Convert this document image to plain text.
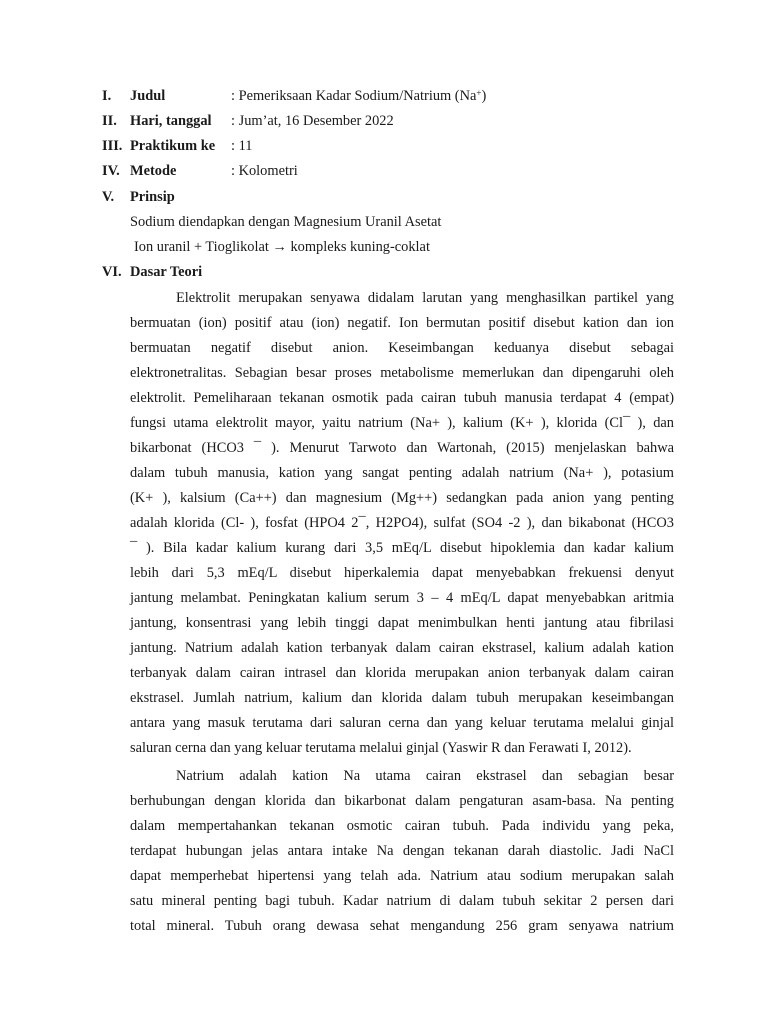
I. Judul	: Pemeriksaan Kadar Sodium/Natrium (Na+)
II. Hari, tanggal : Jum’at, 16 Desember 2022
III. Praktikum ke : 11
IV. Metode	: Kolometri
V. Prinsip
Sodium diendapkan dengan Magnesium Uranil Asetat
Ion uranil + Tioglikolat → kompleks kuning-coklat
VI. Dasar Teori
Elektrolit merupakan senyawa didalam larutan yang menghasilkan partikel yang
bermuatan (ion) positif atau (ion) negatif. Ion bermutan positif disebut kation dan ion
bermuatan negatif disebut anion. Keseimbangan keduanya disebut sebagai
elektronetralitas. Sebagian besar proses metabolisme memerlukan dan dipengaruhi oleh
elektrolit. Pemeliharaan tekanan osmotik pada cairan tubuh manusia terdapat 4 (empat)
fungsi utama elektrolit mayor, yaitu natrium (Na+ ), kalium (K+ ), klorida (Cl¯ ), dan
bikarbonat (HCO3 ¯ ). Menurut Tarwoto dan Wartonah, (2015) menjelaskan bahwa
dalam tubuh manusia, kation yang sangat penting adalah natrium (Na+ ), potasium
(K+ ), kalsium (Ca++) dan magnesium (Mg++) sedangkan pada anion yang penting
adalah klorida (Cl- ), fosfat (HPO4 2¯, H2PO4), sulfat (SO4 -2 ), dan bikabonat (HCO3
¯ ). Bila kadar kalium kurang dari 3,5 mEq/L disebut hipoklemia dan kadar kalium
lebih dari 5,3 mEq/L disebut hiperkalemia dapat menyebabkan frekuensi denyut
jantung melambat. Peningkatan kalium serum 3 – 4 mEq/L dapat menyebabkan aritmia
jantung, konsentrasi yang lebih tinggi dapat menimbulkan henti jantung atau fibrilasi
jantung. Natrium adalah kation terbanyak dalam cairan ekstrasel, kalium adalah kation
terbanyak dalam cairan intrasel dan klorida merupakan anion terbanyak dalam cairan
ekstrasel. Jumlah natrium, kalium dan klorida dalam tubuh merupakan keseimbangan
antara yang masuk terutama dari saluran cerna dan yang keluar terutama melalui ginjal
saluran cerna dan yang keluar terutama melalui ginjal (Yaswir R dan Ferawati I, 2012).
Natrium adalah kation Na utama cairan ekstrasel dan sebagian besar
berhubungan dengan klorida dan bikarbonat dalam pengaturan asam-basa. Na penting
dalam mempertahankan tekanan osmotic cairan tubuh. Pada individu yang peka,
terdapat hubungan jelas antara intake Na dengan tekanan darah diastolic. Jadi NaCl
dapat memperhebat hipertensi yang telah ada. Natrium atau sodium merupakan salah
satu mineral penting bagi tubuh. Kadar natrium di dalam tubuh sekitar 2 persen dari
total mineral. Tubuh orang dewasa sehat mengandung 256 gram senyawa natrium
